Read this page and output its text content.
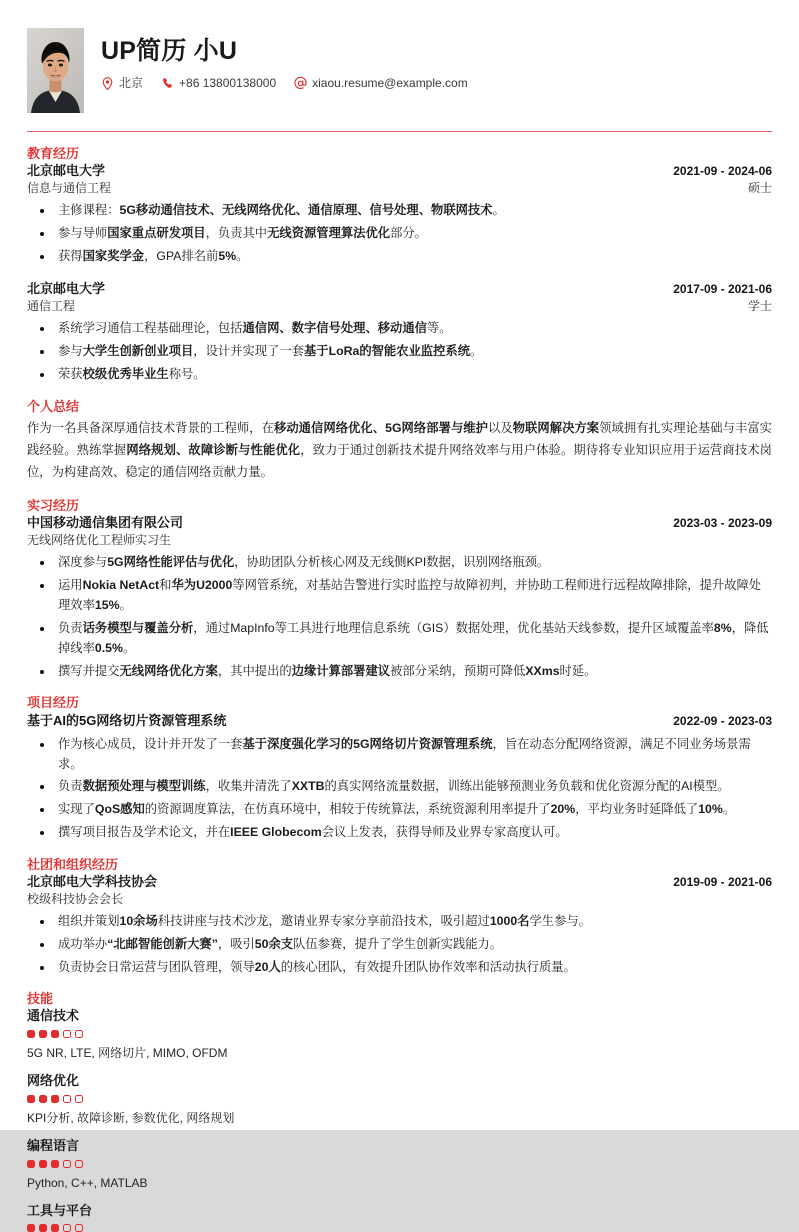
UP简历 小U
北京	+86 13800138000	xiaou.resume@example.com
教育经历
北京邮电大学	2021-09 - 2024-06
信息与通信工程	硕士
主修课程：5G移动通信技术、无线网络优化、通信原理、信号处理、物联网技术。
参与导师国家重点研发项目，负责其中无线资源管理算法优化部分。
获得国家奖学金，GPA排名前5%。
北京邮电大学	2017-09 - 2021-06
通信工程	学士
系统学习通信工程基础理论，包括通信网、数字信号处理、移动通信等。
参与大学生创新创业项目，设计并实现了一套基于LoRa的智能农业监控系统。
荣获校级优秀毕业生称号。
个人总结
作为一名具备深厚通信技术背景的工程师，在移动通信网络优化、5G网络部署与维护以及物联网解决方案领域拥有扎实理论基础与丰富实践经验。熟练掌握网络规划、故障诊断与性能优化，致力于通过创新技术提升网络效率与用户体验。期待将专业知识应用于运营商技术岗位，为构建高效、稳定的通信网络贡献力量。
实习经历
中国移动通信集团有限公司	2023-03 - 2023-09
无线网络优化工程师实习生
深度参与5G网络性能评估与优化，协助团队分析核心网及无线侧KPI数据，识别网络瓶颈。
运用Nokia NetAct和华为U2000等网管系统，对基站告警进行实时监控与故障初判，并协助工程师进行远程故障排除，提升故障处理效率15%。
负责话务模型与覆盖分析，通过MapInfo等工具进行地理信息系统（GIS）数据处理，优化基站天线参数，提升区域覆盖率8%，降低掉线率0.5%。
撰写并提交无线网络优化方案，其中提出的边缘计算部署建议被部分采纳，预期可降低XXms时延。
项目经历
基于AI的5G网络切片资源管理系统	2022-09 - 2023-03
作为核心成员，设计并开发了一套基于深度强化学习的5G网络切片资源管理系统，旨在动态分配网络资源，满足不同业务场景需求。
负责数据预处理与模型训练，收集并清洗了XXTB的真实网络流量数据，训练出能够预测业务负载和优化资源分配的AI模型。
实现了QoS感知的资源调度算法，在仿真环境中，相较于传统算法，系统资源利用率提升了20%，平均业务时延降低了10%。
撰写项目报告及学术论文，并在IEEE Globecom会议上发表，获得导师及业界专家高度认可。
社团和组织经历
北京邮电大学科技协会	2019-09 - 2021-06
校级科技协会会长
组织并策划10余场科技讲座与技术沙龙，邀请业界专家分享前沿技术，吸引超过1000名学生参与。
成功举办“北邮智能创新大赛”，吸引50余支队伍参赛，提升了学生创新实践能力。
负责协会日常运营与团队管理，领导20人的核心团队，有效提升团队协作效率和活动执行质量。
技能
通信技术
5G NR, LTE, 网络切片, MIMO, OFDM
网络优化
KPI分析, 故障诊断, 参数优化, 网络规划
编程语言
Python, C++, MATLAB
工具与平台
